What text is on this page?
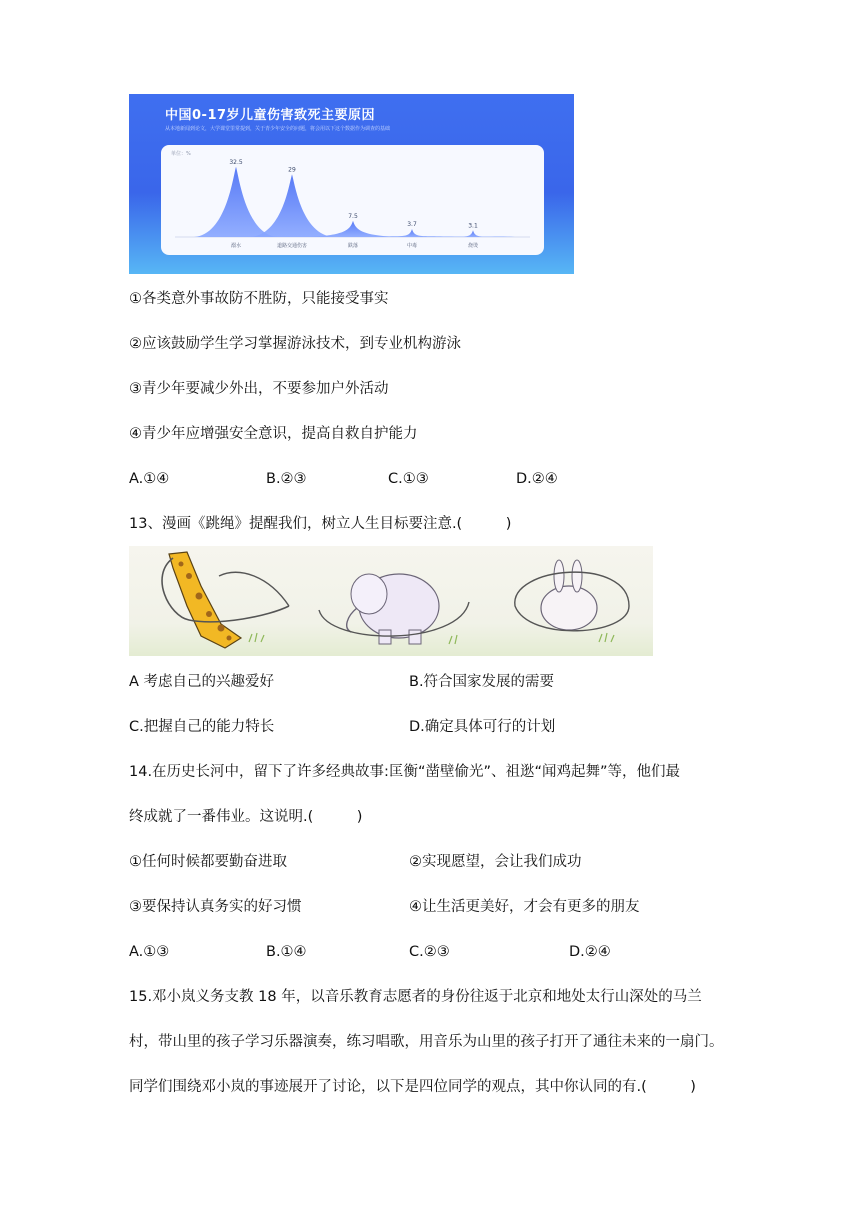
中国0-17岁儿童伤害致死主要原因
从本地新闻到论文，大学课堂里常提到，关于青少年安全的问题，将会用以下这个数据作为调查的基础
单位：%
32.5
溺水
29
道路交通伤害
7.5
跌落
3.7
中毒
3.1
烧烫
①各类意外事故防不胜防，只能接受事实
②应该鼓励学生学习掌握游泳技术，到专业机构游泳
③青少年要减少外出，不要参加户外活动
④青少年应增强安全意识，提高自救自护能力
A.①④	B.②③	C.①③	D.②④
13、漫画《跳绳》提醒我们，树立人生目标要注意.(　　　)
A 考虑自己的兴趣爱好	B.符合国家发展的需要
C.把握自己的能力特长	D.确定具体可行的计划
14.在历史长河中，留下了许多经典故事:匡衡“凿壁偷光”、祖逖“闻鸡起舞”等，他们最
终成就了一番伟业。这说明.(　　　)
①任何时候都要勤奋进取	②实现愿望，会让我们成功
③要保持认真务实的好习惯	④让生活更美好，才会有更多的朋友
A.①③	B.①④	C.②③	D.②④
15.邓小岚义务支教 18 年，以音乐教育志愿者的身份往返于北京和地处太行山深处的马兰
村，带山里的孩子学习乐器演奏，练习唱歌，用音乐为山里的孩子打开了通往未来的一扇门。
同学们围绕邓小岚的事迹展开了讨论，以下是四位同学的观点，其中你认同的有.(　　　)
